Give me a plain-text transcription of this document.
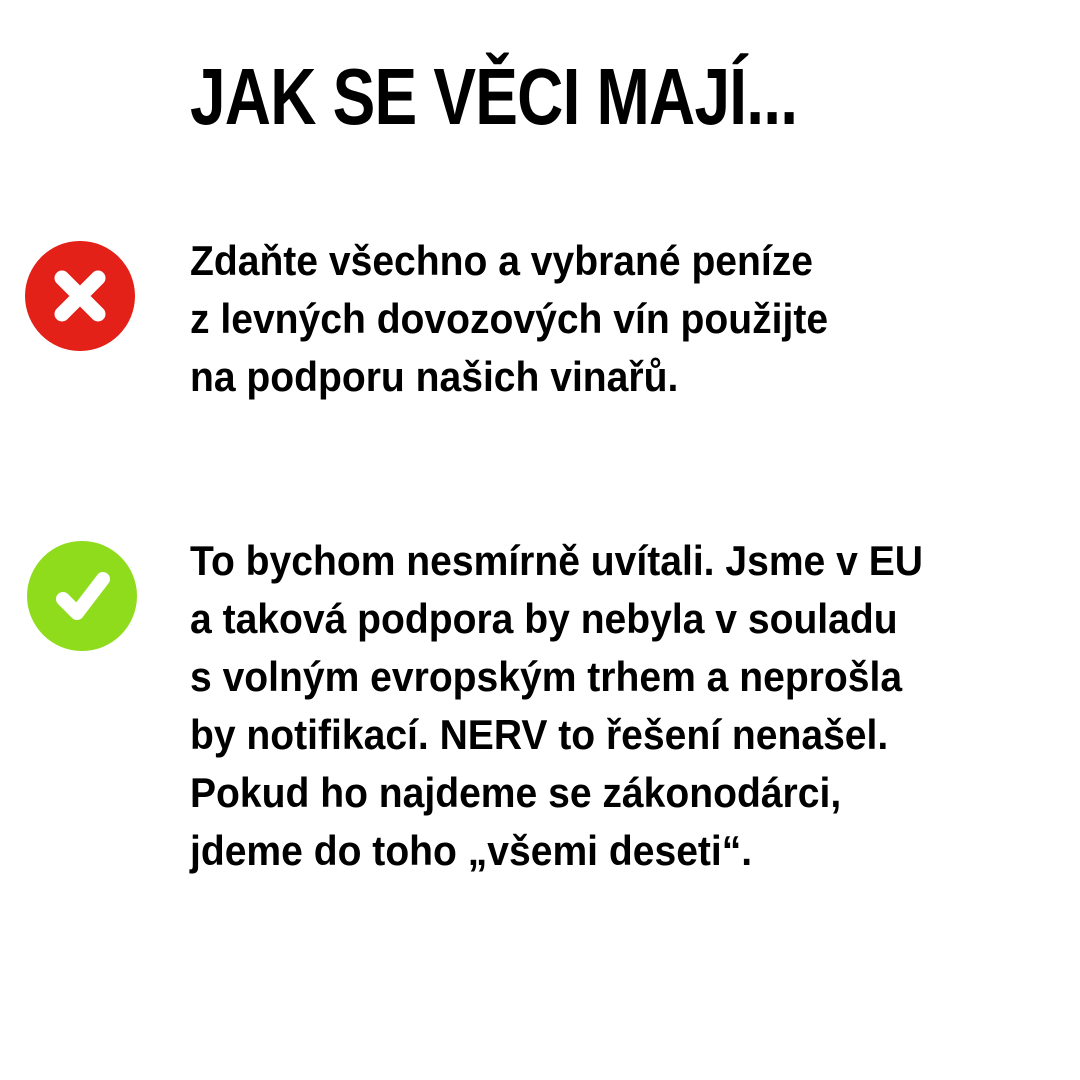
JAK SE VĚCI MAJÍ...
Zdaňte všechno a vybrané peníze
z levných dovozových vín použijte
na podporu našich vinařů.
To bychom nesmírně uvítali. Jsme v EU
a taková podpora by nebyla v souladu
s volným evropským trhem a neprošla
by notifikací. NERV to řešení nenašel.
Pokud ho najdeme se zákonodárci,
jdeme do toho „všemi deseti“.
